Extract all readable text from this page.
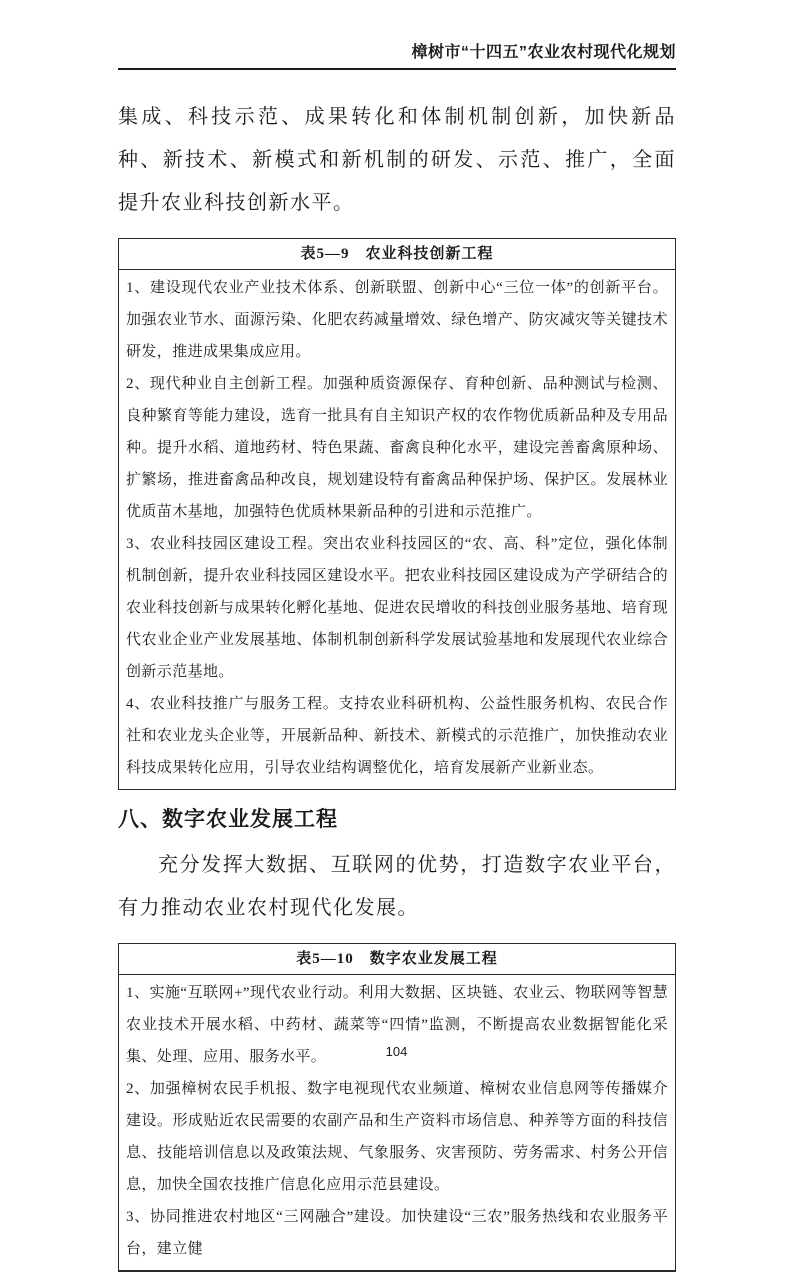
樟树市“十四五”农业农村现代化规划

集成、科技示范、成果转化和体制机制创新，加快新品种、新技术、新模式和新机制的研发、示范、推广，全面提升农业科技创新水平。

表5—9　农业科技创新工程

1、建设现代农业产业技术体系、创新联盟、创新中心“三位一体”的创新平台。加强农业节水、面源污染、化肥农药减量增效、绿色增产、防灾减灾等关键技术研发，推进成果集成应用。

2、现代种业自主创新工程。加强种质资源保存、育种创新、品种测试与检测、良种繁育等能力建设，选育一批具有自主知识产权的农作物优质新品种及专用品种。提升水稻、道地药材、特色果蔬、畜禽良种化水平，建设完善畜禽原种场、扩繁场，推进畜禽品种改良，规划建设特有畜禽品种保护场、保护区。发展林业优质苗木基地，加强特色优质林果新品种的引进和示范推广。

3、农业科技园区建设工程。突出农业科技园区的“农、高、科”定位，强化体制机制创新，提升农业科技园区建设水平。把农业科技园区建设成为产学研结合的农业科技创新与成果转化孵化基地、促进农民增收的科技创业服务基地、培育现代农业企业产业发展基地、体制机制创新科学发展试验基地和发展现代农业综合创新示范基地。

4、农业科技推广与服务工程。支持农业科研机构、公益性服务机构、农民合作社和农业龙头企业等，开展新品种、新技术、新模式的示范推广，加快推动农业科技成果转化应用，引导农业结构调整优化，培育发展新产业新业态。

八、数字农业发展工程

充分发挥大数据、互联网的优势，打造数字农业平台，有力推动农业农村现代化发展。

表5—10　数字农业发展工程

1、实施“互联网+”现代农业行动。利用大数据、区块链、农业云、物联网等智慧农业技术开展水稻、中药材、蔬菜等“四情”监测，不断提高农业数据智能化采集、处理、应用、服务水平。

2、加强樟树农民手机报、数字电视现代农业频道、樟树农业信息网等传播媒介建设。形成贴近农民需要的农副产品和生产资料市场信息、种养等方面的科技信息、技能培训信息以及政策法规、气象服务、灾害预防、劳务需求、村务公开信息，加快全国农技推广信息化应用示范县建设。

3、协同推进农村地区“三网融合”建设。加快建设“三农”服务热线和农业服务平台，建立健

104
